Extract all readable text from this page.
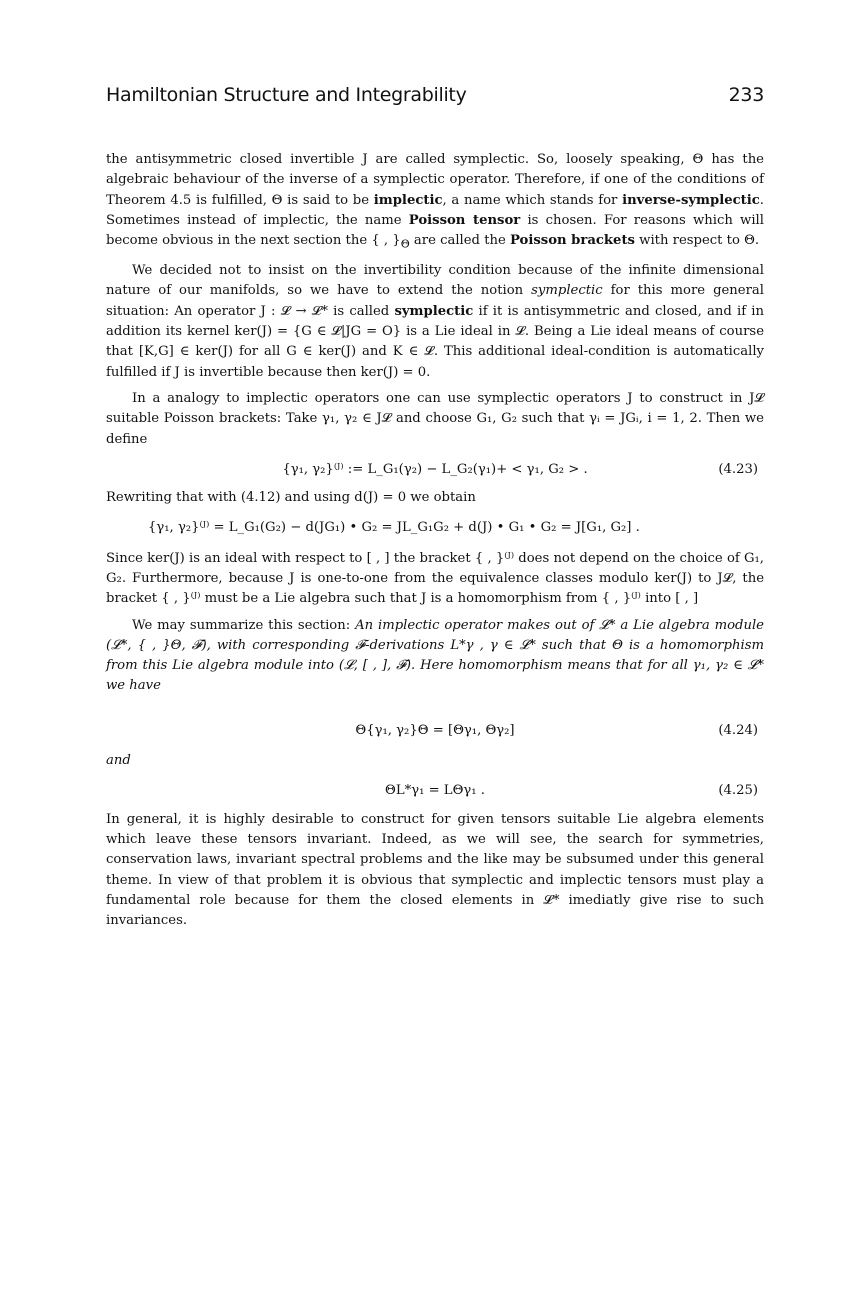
Hamiltonian Structure and Integrability	233

the antisymmetric closed invertible J are called symplectic. So, loosely speaking, Θ has the algebraic behaviour of the inverse of a symplectic operator. Therefore, if one of the conditions of Theorem 4.5 is fulfilled, Θ is said to be implectic, a name which stands for inverse-symplectic. Sometimes instead of implectic, the name Poisson tensor is chosen. For reasons which will become obvious in the next section the { , }$_\Theta$ are called the Poisson brackets with respect to Θ.

We decided not to insist on the invertibility condition because of the infinite dimensional nature of our manifolds, so we have to extend the notion symplectic for this more general situation: An operator J : 𝓛 → 𝓛* is called symplectic if it is antisymmetric and closed, and if in addition its kernel ker(J) = {G ∈ 𝓛|JG = O} is a Lie ideal in 𝓛. Being a Lie ideal means of course that [K,G] ∈ ker(J) for all G ∈ ker(J) and K ∈ 𝓛. This additional ideal-condition is automatically fulfilled if J is invertible because then ker(J) = 0.

In a analogy to implectic operators one can use symplectic operators J to construct in J𝓛 suitable Poisson brackets: Take γ₁, γ₂ ∈ J𝓛 and choose G₁, G₂ such that γᵢ = JGᵢ, i = 1, 2. Then we define

{γ₁, γ₂}⁽ᴶ⁾ := L_G₁(γ₂) − L_G₂(γ₁)+ < γ₁, G₂ > .	(4.23)

Rewriting that with (4.12) and using d(J) = 0 we obtain

{γ₁, γ₂}⁽ᴶ⁾ = L_G₁(G₂) − d(JG₁) • G₂ = JL_G₁G₂ + d(J) • G₁ • G₂ = J[G₁, G₂] .

Since ker(J) is an ideal with respect to [ , ] the bracket { , }⁽ᴶ⁾ does not depend on the choice of G₁, G₂. Furthermore, because J is one-to-one from the equivalence classes modulo ker(J) to J𝓛, the bracket { , }⁽ᴶ⁾ must be a Lie algebra such that J is a homomorphism from { , }⁽ᴶ⁾ into [ , ]

We may summarize this section: An implectic operator makes out of 𝓛* a Lie algebra module (𝓛*, { , }Θ, 𝓕), with corresponding 𝓕-derivations L*γ , γ ∈ 𝓛* such that Θ is a homomorphism from this Lie algebra module into (𝓛, [ , ], 𝓕). Here homomorphism means that for all γ₁, γ₂ ∈ 𝓛* we have

Θ{γ₁, γ₂}Θ = [Θγ₁, Θγ₂]	(4.24)
and
ΘL*γ₁ = LΘγ₁ .	(4.25)

In general, it is highly desirable to construct for given tensors suitable Lie algebra elements which leave these tensors invariant. Indeed, as we will see, the search for symmetries, conservation laws, invariant spectral problems and the like may be subsumed under this general theme. In view of that problem it is obvious that symplectic and implectic tensors must play a fundamental role because for them the closed elements in 𝓛* imediatly give rise to such invariances.
